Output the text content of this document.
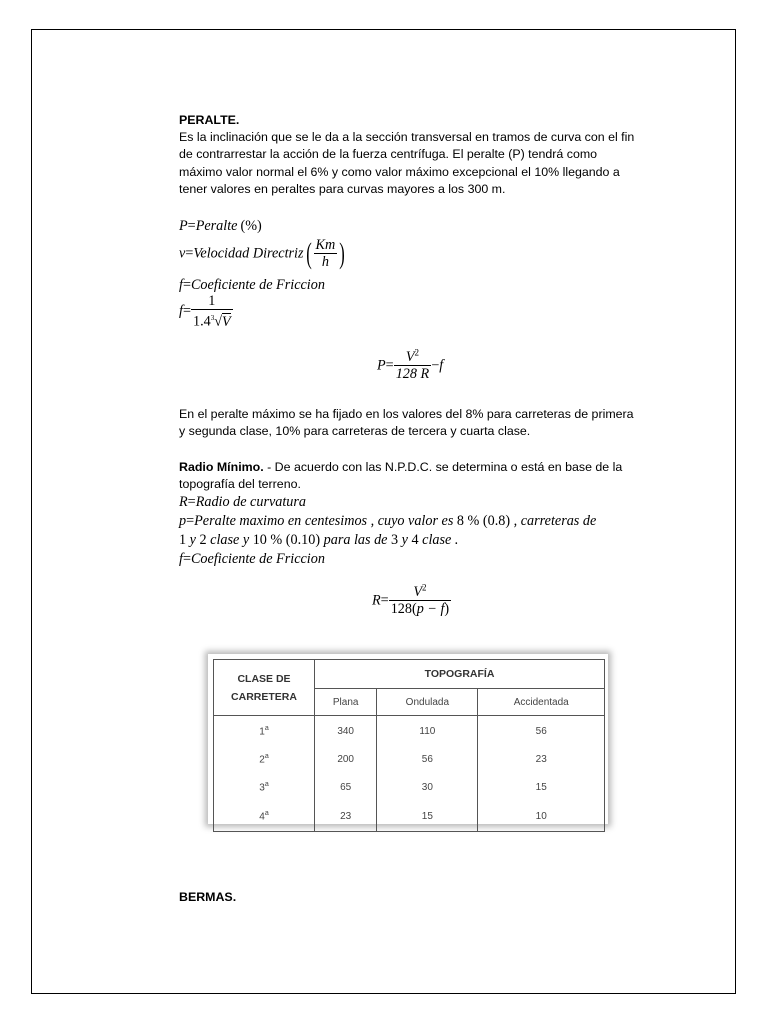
PERALTE.
Es la inclinación que se le da a la sección transversal en tramos de curva con el fin
de contrarrestar la acción de la fuerza centrífuga. El peralte (P) tendrá como
máximo valor normal el 6% y como valor máximo excepcional el 10% llegando a
tener valores en peraltes para curvas mayores a los 300 m.
P=Peralte (%)
v=Velocidad Directriz( $\frac{Km}{h}$ )
f=Coeficiente de Friccion
$f= \frac{1}{1.4^3√V}$
$P= \frac{V^2}{128 R} -f$
En el peralte máximo se ha fijado en los valores del 8% para carreteras de primera
y segunda clase, 10% para carreteras de tercera y cuarta clase.
Radio Mínimo. - De acuerdo con las N.P.D.C. se determina o está en base de la
topografía del terreno.
R=Radio de curvatura
p=Peralte maximo en centesimos , cuyo valor es 8 % (0.8) , carreteras de
1 y 2 clase y 10 % (0.10) para las de 3 y 4 clase .
f=Coeficiente de Friccion
$R= \frac{V^2}{128(p - f)}$
CLASE DE
CARRETERA	TOPOGRAFÍA		
	Plana	Ondulada	Accidentada
1$^a$	340	110	56
2$^a$	200	56	23
3$^a$	65	30	15
4$^a$	23	15	10
BERMAS.
